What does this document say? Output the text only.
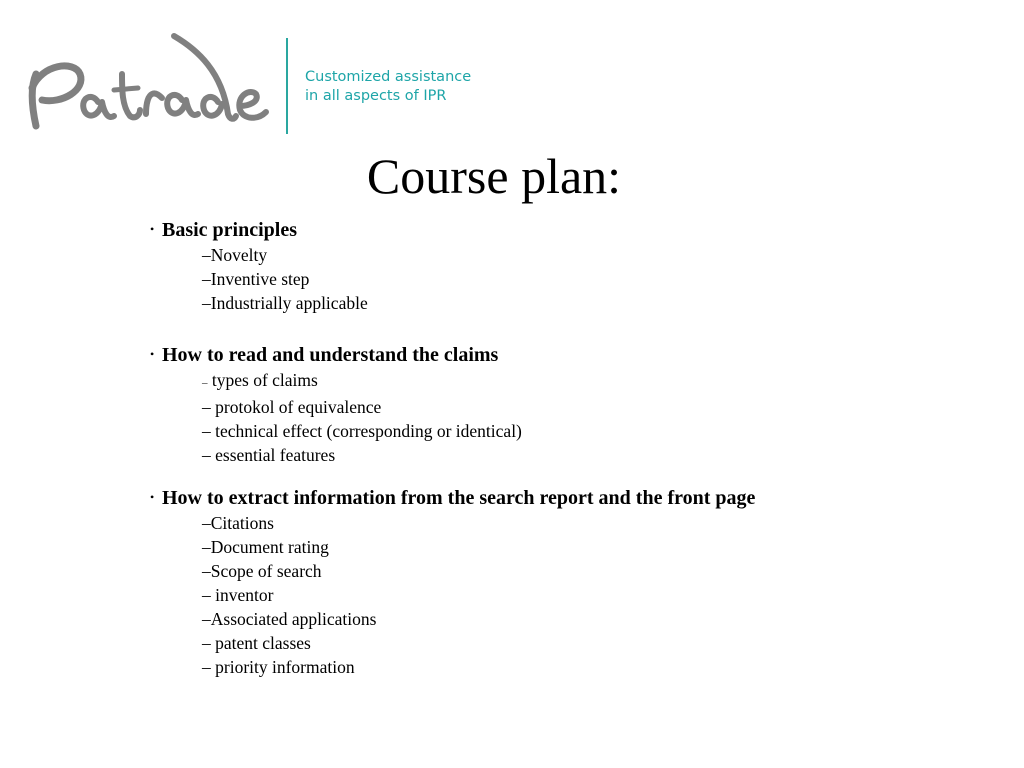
Customized assistance
in all aspects of IPR
Course plan:
• Basic principles
–Novelty
–Inventive step
–Industrially applicable
• How to read and understand the claims
– types of claims
– protokol of equivalence
– technical effect (corresponding or identical)
– essential features
• How to extract information from the search report and the front page
–Citations
–Document rating
–Scope of search
– inventor
–Associated applications
– patent classes
– priority information
